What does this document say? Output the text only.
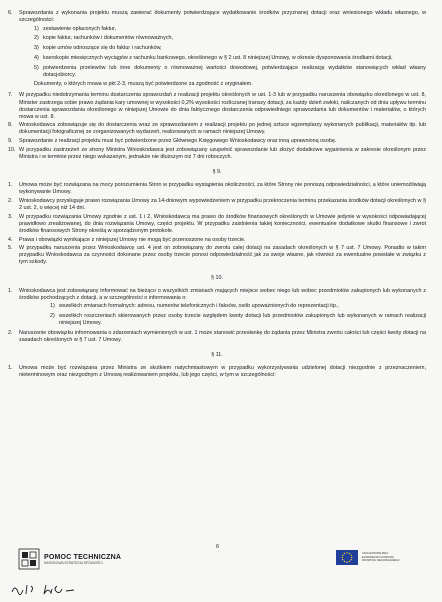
6.	Sprawozdania z wykonania projektu muszą zawierać dokumenty potwierdzające wydatkowanie środków przyznanej dotacji oraz wniesionego wkładu własnego, w szczególności:
1) zestawienie opłaconych faktur,
2) kopie faktur, rachunków i dokumentów równoważnych,
3) kopie umów odnoszące się do faktur i rachunków,
4) kserokopie miesięcznych wyciągów z rachunku bankowego, określonego w § 2 ust. 8 niniejszej Umowy, w okresie dysponowania środkami dotacji,
5) potwierdzenia przelewów lub inne dokumenty o równoważnej wartości dowodowej, potwierdzające realizację wydatków stanowiących wkład własny dotacjobiorcy.
Dokumenty, o których mowa w pkt 2-3, muszą być potwierdzone za zgodność z oryginałem.
7.	W przypadku niedotrzymania terminu dostarczenia sprawozdań z realizacji projektu określonych w ust. 1-3 lub w przypadku naruszenia obowiązku określonego w ust. 8, Minister zastrzega sobie prawo żądania kary umownej w wysokości 0,2% wysokości rozliczanej transzy dotacji, za każdy dzień zwłoki, naliczanych od dnia upływu terminu dostarczenia sprawozdania określonego w niniejszej Umowie do dnia faktycznego dostarczenia odpowiedniego sprawozdania lub dokumentów i materiałów, o których mowa w ust. 8.
8.	Wnioskodawca zobowiązuje się do dostarczenia wraz ze sprawozdaniem z realizacji projektu po jednej sztuce egzemplarzy wykonanych publikacji, materiałów itp. lub dokumentacji fotograficznej ze zorganizowanych wydarzeń, realizowanych w ramach niniejszej Umowy.
9.	Sprawozdanie z realizacji projektu musi być potwierdzone przez Głównego Księgowego Wnioskodawcy oraz inną uprawnioną osobę.
10. W przypadku zastrzeżeń ze strony Ministra Wnioskodawca jest zobowiązany uzupełnić sprawozdanie lub złożyć dodatkowe wyjaśnienia w zakresie określonym przez Ministra i w terminie przez niego wskazanym, jednakże nie dłuższym niż 7 dni roboczych.
§ 9.
1.	Umowa może być rozwiązana na mocy porozumienia Stron w przypadku wystąpienia okoliczności, za które Strony nie ponoszą odpowiedzialności, a które uniemożliwiają wykonywanie Umowy.
2.	Wnioskodawcy przysługuje prawo rozwiązania Umowy za 14-dniowym wypowiedzeniem w przypadku przekroczenia terminu przekazania środków dotacji określonych w § 2 ust. 2, o więcej niż 14 dni.
3.	W przypadku rozwiązania Umowy zgodnie z ust. 1 i 2, Wnioskodawca ma prawo do środków finansowych określonych w Umowie jedynie w wysokości odpowiadającej prawidłowo zrealizowanej, do dnia rozwiązania Umowy, części projektu. W przypadku zaistnienia takiej konieczności, ewentualne dodatkowe skutki finansowe i zwrot środków finansowych Strony określą w sporządzonym protokole.
4.	Prawa i obowiązki wynikające z niniejszej Umowy nie mogą być przenoszone na osoby trzecie.
5.	W przypadku naruszenia przez Wnioskodawcę ust. 4 jest on zobowiązany do zwrotu całej dotacji na zasadach określonych w § 7 ust. 7 Umowy. Ponadto w takim przypadku Wnioskodawca za czynności dokonane przez osoby trzecie ponosi odpowiedzialność jak za swoje własne, jak również za ewentualne powstałe w związku z tym szkody.
§ 10.
1.	Wnioskodawca jest zobowiązany informować na bieżąco o wszystkich zmianach mających miejsce wobec niego lub wobec przedmiotów zakupionych lub wykonanych z środków pochodzących z dotacji, a w szczególności o informowania o:
1) wszelkich zmianach formalnych: adresu, numerów telefonicznych i faksów, osób upoważnionych do reprezentacji itp.,
2) wszelkich roszczeniach skierowanych przez osoby trzecie względem kwoty dotacji lub przedmiotów zakupionych lub wykonanych w ramach realizacji niniejszej Umowy.
2.	Naruszenie obowiązku informowania o zdarzeniach wymienionych w ust. 1 może stanowić przesłankę do żądania przez Ministra zwrotu całości lub części kwoty dotacji na zasadach określonych w § 7 ust. 7 Umowy.
§ 11.
1.	Umowa może być rozwiązana przez Ministra ze skutkiem natychmiastowym w przypadku wykorzystywania udzielonej dotacji niezgodnie z przeznaczeniem, nieterminowym oraz niezgodnym z Umową realizowaniem projektu, lub jego części, w tym w szczególności:
POMOC TECHNICZNA
NARODOWA STRATEGIA SPÓJNOŚCI
6
UNIA EUROPEJSKA
EUROPEJSKI FUNDUSZ
ROZWOJU REGIONALNEGO
